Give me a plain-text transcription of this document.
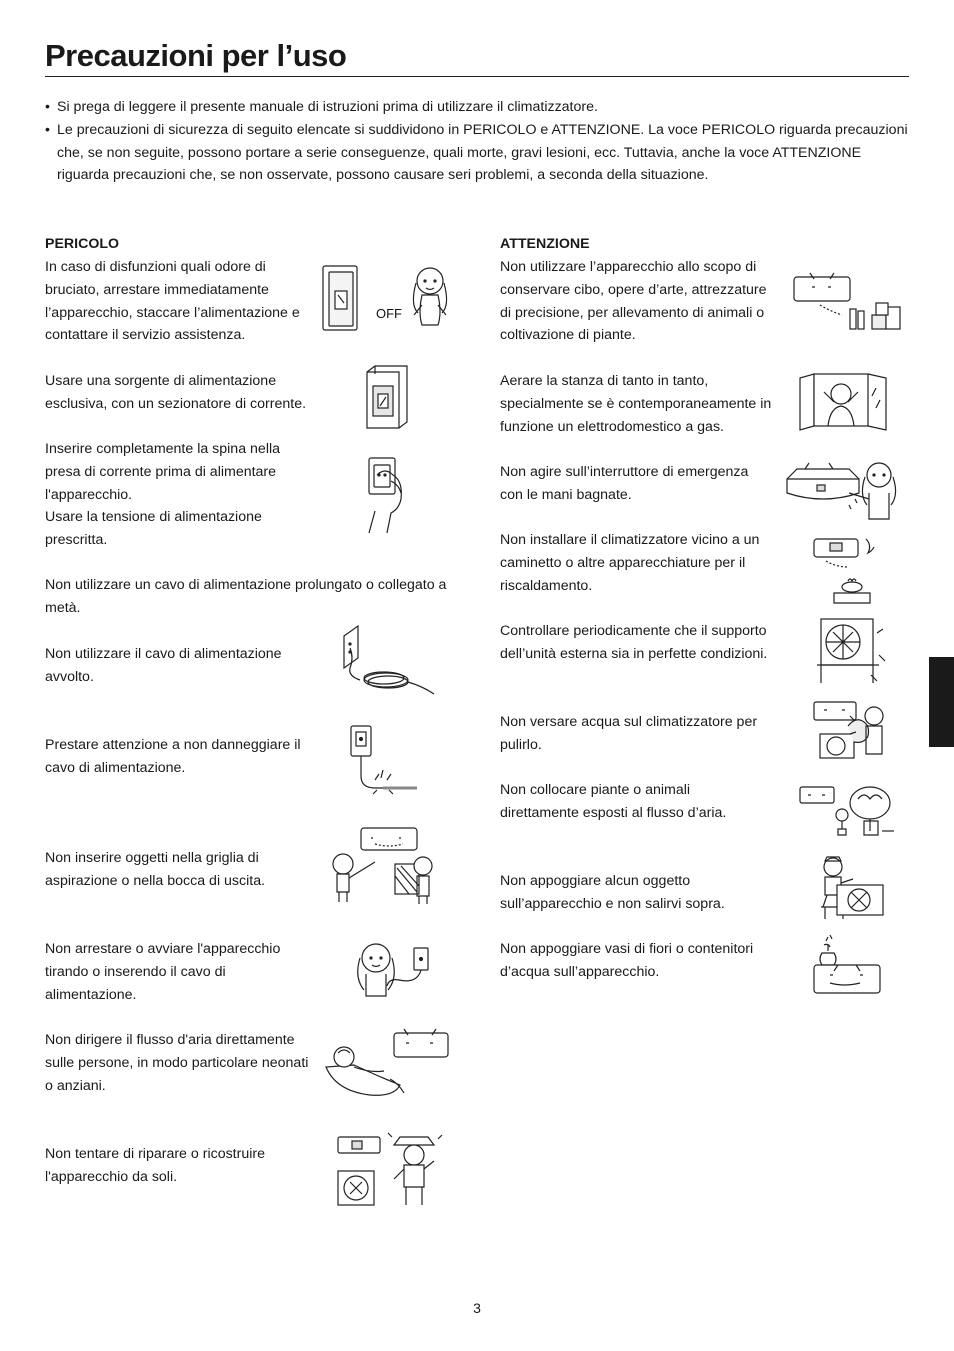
Precauzioni per l’uso
• Si prega di leggere il presente manuale di istruzioni prima di utilizzare il climatizzatore.
• Le precauzioni di sicurezza di seguito elencate si suddividono in PERICOLO e ATTENZIONE. La voce PERICOLO riguarda precauzioni che, se non seguite, possono portare a serie conseguenze, quali morte, gravi lesioni, ecc. Tuttavia, anche la voce ATTENZIONE riguarda precauzioni che, se non osservate, possono causare seri problemi, a seconda della situazione.
PERICOLO

In caso di disfunzioni quali odore di bruciato, arrestare immediatamente l’apparecchio, staccare l’alimentazione e contattare il servizio assistenza.

Usare una sorgente di alimentazione esclusiva, con un sezionatore di corrente.

Inserire completamente la spina nella presa di corrente prima di alimentare l'apparecchio.
Usare la tensione di alimentazione prescritta.

Non utilizzare un cavo di alimentazione prolungato o collegato a metà.

Non utilizzare il cavo di alimentazione avvolto.

Prestare attenzione a non danneggiare il cavo di alimentazione.

Non inserire oggetti nella griglia di aspirazione o nella bocca di uscita.

Non arrestare o avviare l'apparecchio tirando o inserendo il cavo di alimentazione.

Non dirigere il flusso d'aria direttamente sulle persone, in modo particolare neonati o anziani.

Non tentare di riparare o ricostruire l'apparecchio da soli.

ATTENZIONE

Non utilizzare l’apparecchio allo scopo di conservare cibo, opere d’arte, attrezzature di precisione, per allevamento di animali o coltivazione di piante.

Aerare la stanza di tanto in tanto, specialmente se è contemporaneamente in funzione un elettrodomestico a gas.

Non agire sull’interruttore di emergenza con le mani bagnate.

Non installare il climatizzatore vicino a un caminetto o altre apparecchiature per il riscaldamento.

Controllare periodicamente che il supporto dell’unità esterna sia in perfette condizioni.

Non versare acqua sul climatizzatore per pulirlo.

Non collocare piante o animali direttamente esposti al flusso d’aria.

Non appoggiare alcun oggetto sull’apparecchio e non salirvi sopra.

Non appoggiare vasi di fiori o contenitori d’acqua sull’apparecchio.

OFF
3
